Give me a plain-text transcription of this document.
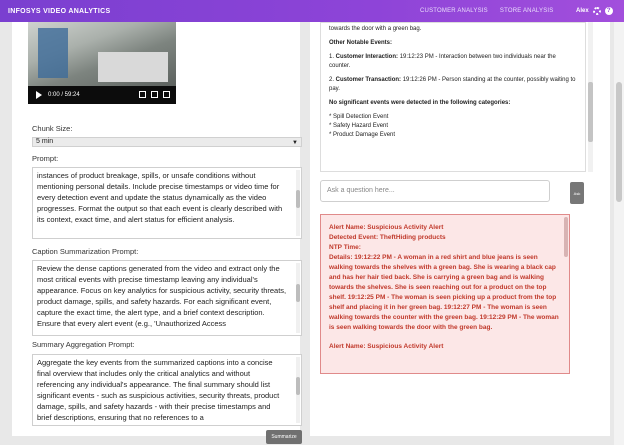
INFOSYS VIDEO ANALYTICS	CUSTOMER ANALYSIS STORE ANALYSIS	Alex	?
0:00 / 59:24
Chunk Size:
5 min	▼
Prompt:
instances of product breakage, spills, or unsafe conditions without mentioning personal details. Include precise timestamps or video time for every detection event and update the status dynamically as the video progresses. Format the output so that each event is clearly described with its context, exact time, and alert status for efficient analysis.
Caption Summarization Prompt:
Review the dense captions generated from the video and extract only the most critical events with precise timestamp leaving any individual's appearance. Focus on key analytics for suspicious activity, security threats, product damage, spills, and safety hazards. For each significant event, capture the exact time, the alert type, and a brief context description. Ensure that every alert event (e.g., 'Unauthorized Access
Summary Aggregation Prompt:
Aggregate the key events from the summarized captions into a concise final overview that includes only the critical analytics and without referencing any individual's appearance. The final summary should list significant events - such as suspicious activities, security threats, product damage, spills, and safety hazards - with their precise timestamps and brief descriptions, ensuring that no references to a
Summarize

towards the door with a green bag.

Other Notable Events:

1. Customer Interaction: 19:12:23 PM - Interaction between two individuals near the counter.

2. Customer Transaction: 19:12:26 PM - Person standing at the counter, possibly waiting to pay.

No significant events were detected in the following categories:

* Spill Detection Event
* Safety Hazard Event
* Product Damage Event
Ask a question here...	Ask

Alert Name: Suspicious Activity Alert
Detected Event: TheftHiding products
NTP Time:
Details: 19:12:22 PM - A woman in a red shirt and blue jeans is seen walking towards the shelves with a green bag. She is wearing a black cap and has her hair tied back. She is carrying a green bag and is walking towards the shelves. She is seen reaching out for a product on the top shelf. 19:12:25 PM - The woman is seen picking up a product from the top shelf and placing it in her green bag. 19:12:27 PM - The woman is seen walking towards the counter with the green bag. 19:12:29 PM - The woman is seen walking towards the door with the green bag.

Alert Name: Suspicious Activity Alert
